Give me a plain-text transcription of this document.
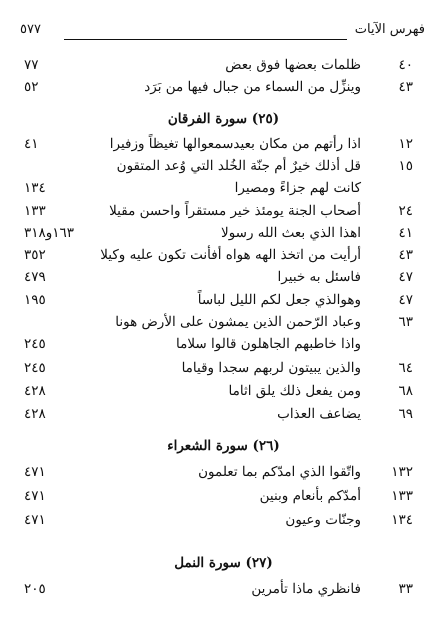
فهرس الآيات
٥٧٧
٤٠
ظلمات بعضها فوق بعض
٧٧
٤٣
وينزِّل من السماء من جبال فيها من بَرَد
٥٢
(٢٥) سورة الفرقان
١٢
اذا رأتهم من مكان بعيدسمعوالها تغيظاً وزفيرا
٤١
١٥
قل أذلك خيرٌ أم جنّة الخُلد التي وُعد المتقون كانت لهم جزاءً ومصيرا
١٣٤
٢٤
أصحاب الجنة يومئذ خير مستقراً واحسن مقيلا
١٣٣
٤١
اهذا الذي بعث الله رسولا
١٦٣و٣١٨
٤٣
أرأيت من اتخذ الهه هواه أفأنت تكون عليه وكيلا
٣٥٢
٤٧
فاسئل به خبيرا
٤٧٩
٤٧
وهوالذي جعل لكم الليل لباساً
١٩٥
٦٣
وعباد الرّحمن الذين يمشون على الأرض هونا واذا خاطبهم الجاهلون قالوا سلاما
٢٤٥
٦٤
والذين يبيتون لربهم سجدا وقياما
٢٤٥
٦٨
ومن يفعل ذلك يلق اثاما
٤٢٨
٦٩
يضاعف العذاب
٤٢٨
(٢٦) سورة الشعراء
١٣٢
واتّقوا الذي امدّكم بما تعلمون
٤٧١
١٣٣
أمدّكم بأنعام وبنين
٤٧١
١٣٤
وجنّات وعيون
٤٧١
(٢٧) سورة النمل
٣٣
فانظري ماذا تأمرين
٢٠٥
